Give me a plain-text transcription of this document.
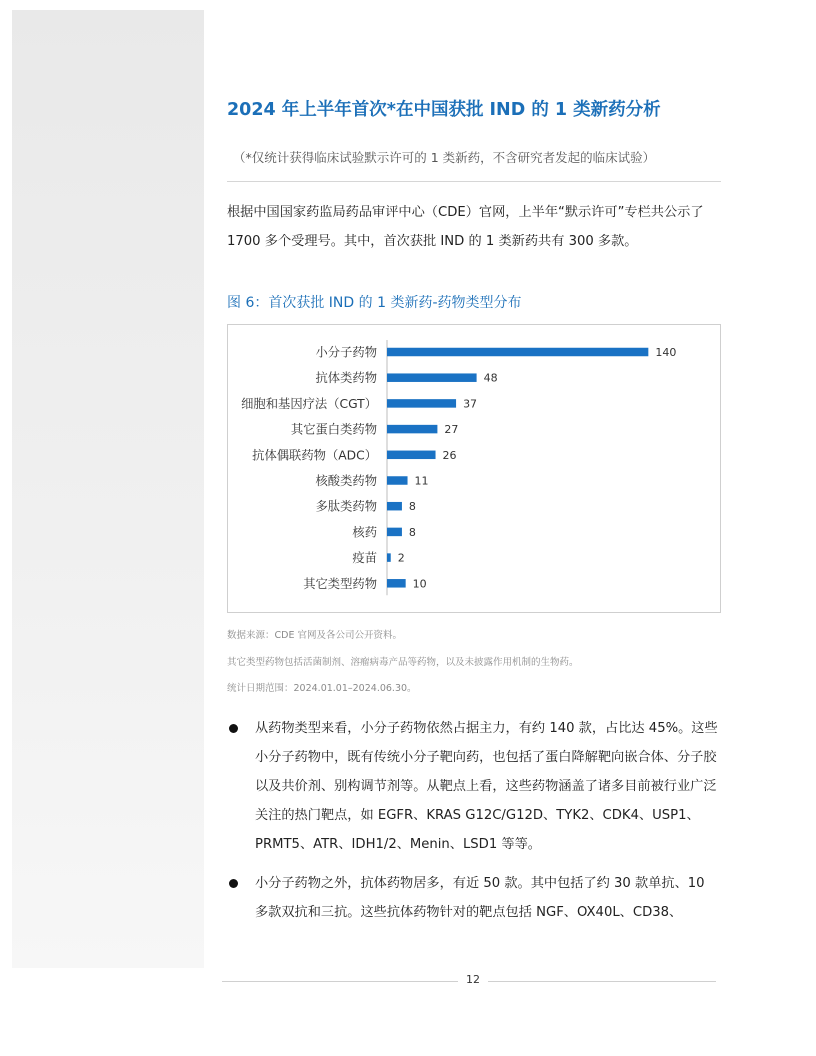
2024 年上半年首次*在中国获批 IND 的 1 类新药分析
（*仅统计获得临床试验默示许可的 1 类新药，不含研究者发起的临床试验）

根据中国国家药监局药品审评中心（CDE）官网，上半年“默示许可”专栏共公示了 1700 多个受理号。其中，首次获批 IND 的 1 类新药共有 300 多款。

图 6：首次获批 IND 的 1 类新药-药物类型分布
小分子药物	140
抗体类药物	48
细胞和基因疗法（CGT）	37
其它蛋白类药物	27
抗体偶联药物（ADC）	26
核酸类药物	11
多肽类药物	8
核药	8
疫苗 2
其它类型药物	10
数据来源：CDE 官网及各公司公开资料。
其它类型药物包括活菌制剂、溶瘤病毒产品等药物，以及未披露作用机制的生物药。
统计日期范围：2024.01.01–2024.06.30。
从药物类型来看，小分子药物依然占据主力，有约 140 款，占比达 45%。这些小分子药物中，既有传统小分子靶向药，也包括了蛋白降解靶向嵌合体、分子胶以及共价剂、别构调节剂等。从靶点上看，这些药物涵盖了诸多目前被行业广泛关注的热门靶点，如 EGFR、KRAS G12C/G12D、TYK2、CDK4、USP1、PRMT5、ATR、IDH1/2、Menin、LSD1 等等。
小分子药物之外，抗体药物居多，有近 50 款。其中包括了约 30 款单抗、10 多款双抗和三抗。这些抗体药物针对的靶点包括 NGF、OX40L、CD38、
12
